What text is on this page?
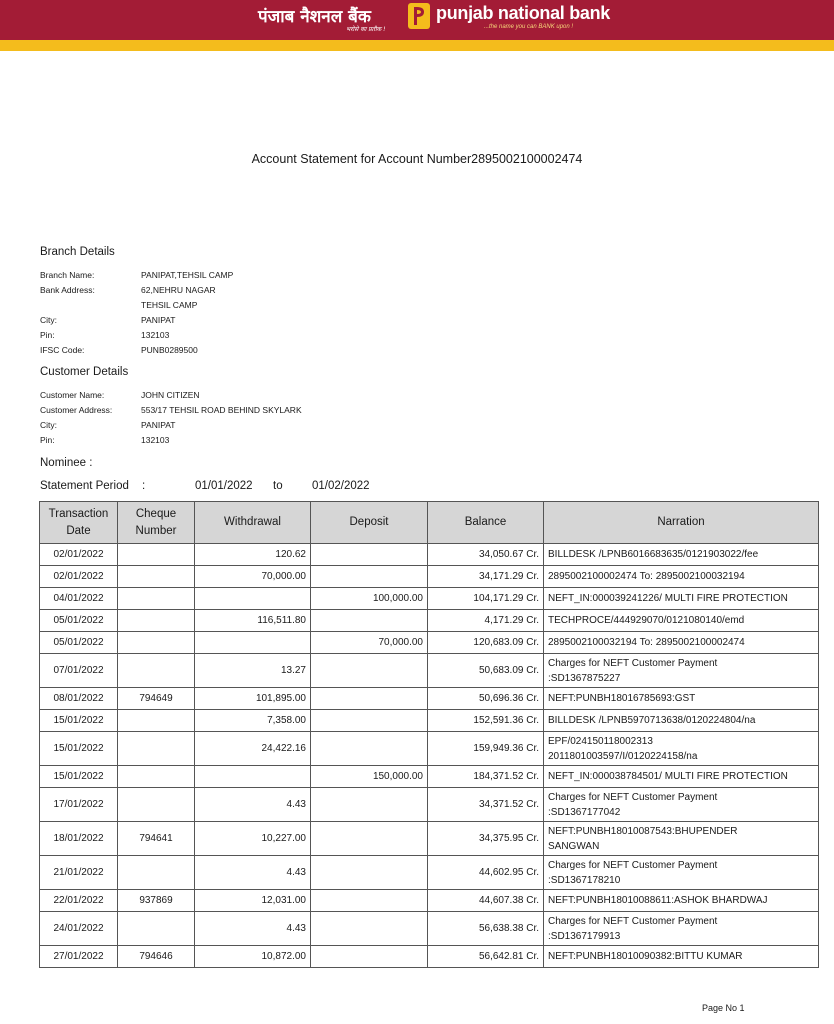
पंजाब नैशनल बैंक
भरोसे का प्रतीक !
punjab national bank
...the name you can BANK upon !
Account Statement for Account Number2895002100002474
Branch Details
Branch Name:	PANIPAT,TEHSIL CAMP
Bank Address:	62,NEHRU NAGAR
TEHSIL CAMP
City:	PANIPAT
Pin:	132103
IFSC Code:	PUNB0289500
Customer Details
Customer Name:	JOHN CITIZEN
Customer Address:	553/17 TEHSIL ROAD BEHIND SKYLARK
City:	PANIPAT
Pin:	132103
Nominee :
Statement Period :	01/01/2022 to	01/02/2022
Transaction Date	Cheque Number	Withdrawal	Deposit	Balance	Narration
02/01/2022		120.62		34,050.67 Cr.	BILLDESK /LPNB6016683635/0121903022/fee
02/01/2022		70,000.00		34,171.29 Cr.	2895002100002474 To: 2895002100032194
04/01/2022			100,000.00	104,171.29 Cr.	NEFT_IN:000039241226/ MULTI FIRE PROTECTION
05/01/2022		116,511.80		4,171.29 Cr.	TECHPROCE/444929070/0121080140/emd
05/01/2022			70,000.00	120,683.09 Cr.	2895002100032194 To: 2895002100002474
07/01/2022		13.27		50,683.09 Cr.	Charges for NEFT Customer Payment
:SD1367875227
08/01/2022	794649	101,895.00		50,696.36 Cr.	NEFT:PUNBH18016785693:GST
15/01/2022		7,358.00		152,591.36 Cr.	BILLDESK /LPNB5970713638/0120224804/na
15/01/2022		24,422.16		159,949.36 Cr.	EPF/024150118002313
2011801003597/I/0120224158/na
15/01/2022			150,000.00	184,371.52 Cr.	NEFT_IN:000038784501/ MULTI FIRE PROTECTION
17/01/2022		4.43		34,371.52 Cr.	Charges for NEFT Customer Payment
:SD1367177042
18/01/2022	794641	10,227.00		34,375.95 Cr.	NEFT:PUNBH18010087543:BHUPENDER
SANGWAN
21/01/2022		4.43		44,602.95 Cr.	Charges for NEFT Customer Payment
:SD1367178210
22/01/2022	937869	12,031.00		44,607.38 Cr.	NEFT:PUNBH18010088611:ASHOK BHARDWAJ
24/01/2022		4.43		56,638.38 Cr.	Charges for NEFT Customer Payment
:SD1367179913
27/01/2022	794646	10,872.00		56,642.81 Cr.	NEFT:PUNBH18010090382:BITTU KUMAR
Page No 1
